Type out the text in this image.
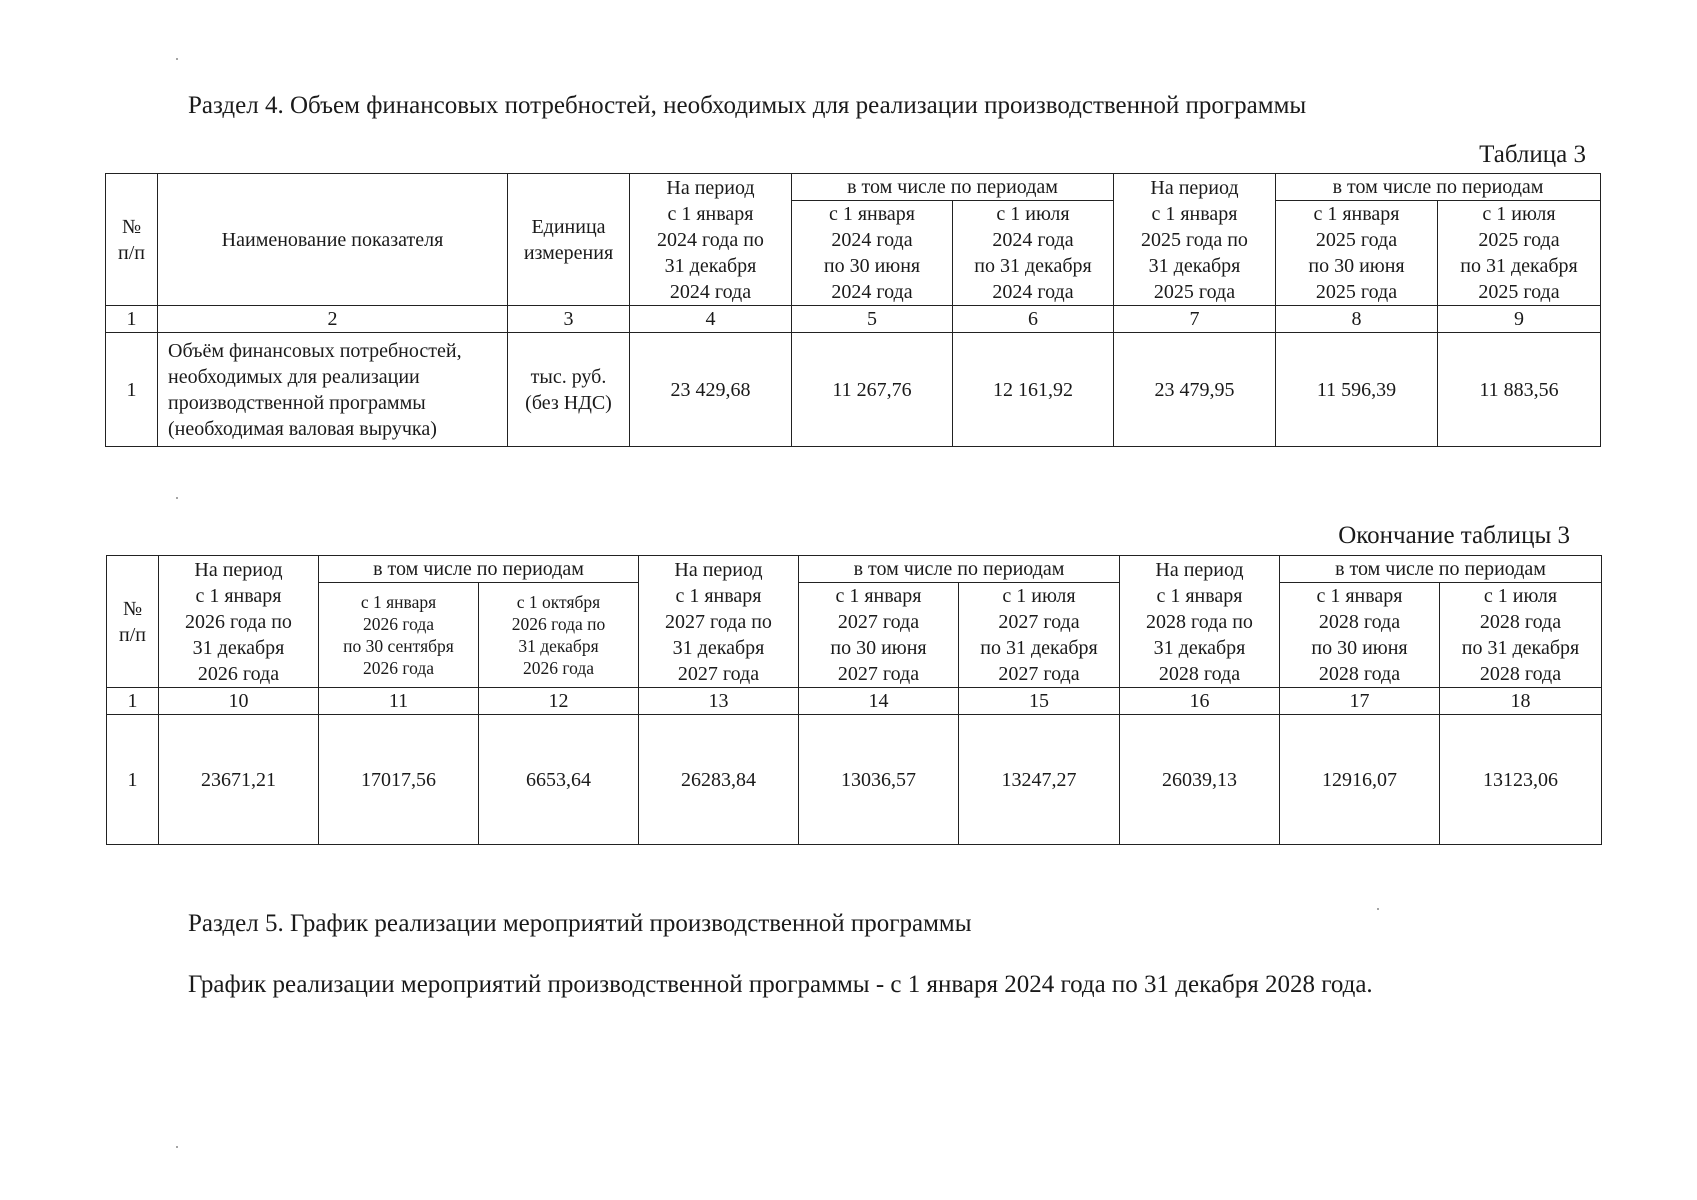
Раздел 4. Объем финансовых потребностей, необходимых для реализации производственной программы
Таблица 3
№
п/п	Наименование показателя	Единица
измерения	На период
с 1 января
2024 года по
31 декабря
2024 года	в том числе по периодам		На период
с 1 января
2025 года по
31 декабря
2025 года	в том числе по периодам	

				с 1 января
2024 года
по 30 июня
2024 года	с 1 июля
2024 года
по 31 декабря
2024 года		с 1 января
2025 года
по 30 июня
2025 года	с 1 июля
2025 года
по 31 декабря
2025 года

1	2	3	4	5	6	7	8	9
1	Объём финансовых потребностей,
необходимых для реализации
производственной программы
(необходимая валовая выручка)	тыс. руб.
(без НДС)	23 429,68	11 267,76	12 161,92	23 479,95	11 596,39	11 883,56
Окончание таблицы 3
№
п/п	На период
с 1 января
2026 года по
31 декабря
2026 года	в том числе по периодам		На период
с 1 января
2027 года по
31 декабря
2027 года	в том числе по периодам		На период
с 1 января
2028 года по
31 декабря
2028 года	в том числе по периодам	

		с 1 января
2026 года
по 30 сентября
2026 года	с 1 октября
2026 года по
31 декабря
2026 года		с 1 января
2027 года
по 30 июня
2027 года	с 1 июля
2027 года
по 31 декабря
2027 года		с 1 января
2028 года
по 30 июня
2028 года	с 1 июля
2028 года
по 31 декабря
2028 года

1	10	11	12	13	14	15	16	17	18
1	23671,21	17017,56	6653,64	26283,84	13036,57	13247,27	26039,13	12916,07	13123,06
Раздел 5. График реализации мероприятий производственной программы

График реализации мероприятий производственной программы - с 1 января 2024 года по 31 декабря 2028 года.
